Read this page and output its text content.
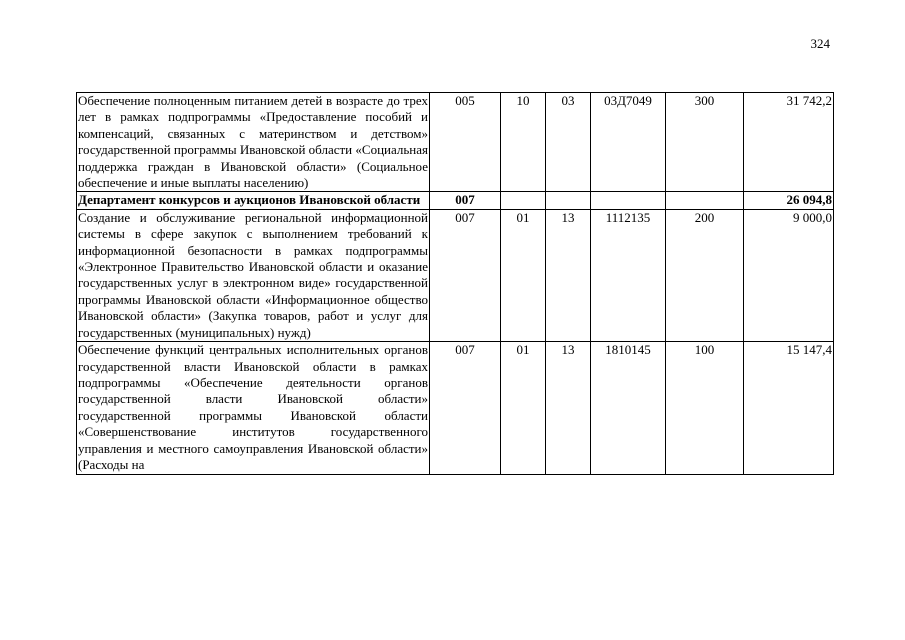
324
Обеспечение полноценным питанием детей в возрасте до трех лет в рамках подпрограммы «Предоставление пособий и компенсаций, связанных с материнством и детством» государственной программы Ивановской области «Социальная поддержка граждан в Ивановской области» (Социальное обеспечение и иные выплаты населению)	005	10	03	03Д7049	300	31 742,2
Департамент конкурсов и аукционов Ивановской области	007					26 094,8
Создание и обслуживание региональной информационной системы в сфере закупок с выполнением требований к информационной безопасности в рамках подпрограммы «Электронное Правительство Ивановской области и оказание государственных услуг в электронном виде» государственной программы Ивановской области «Информационное общество Ивановской области» (Закупка товаров, работ и услуг для государственных (муниципальных) нужд)	007	01	13	1112135	200	9 000,0

Обеспечение функций центральных исполнительных органов государственной власти Ивановской области в рамках подпрограммы «Обеспечение деятельности органов государственной власти Ивановской области» государственной программы Ивановской области «Совершенствование институтов государственного управления и местного самоуправления Ивановской области» (Расходы на	007	01	13	1810145	100	15 147,4
